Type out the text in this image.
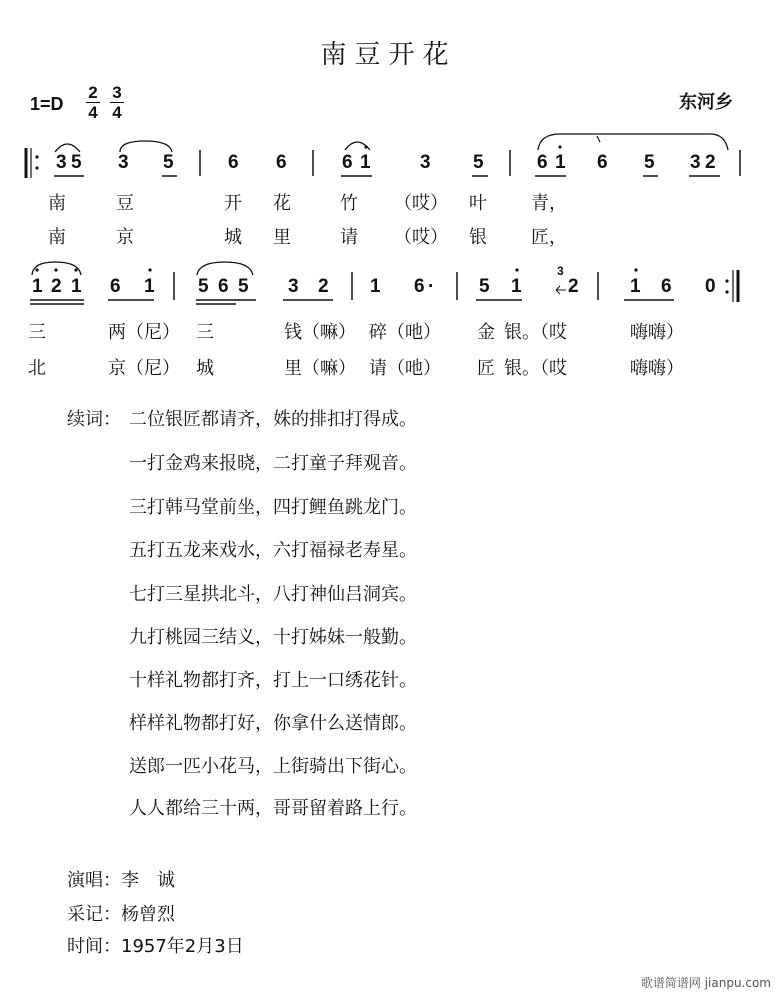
南豆开花
1=D
2
4
3
4	东河乡
3 5 3 5	6 6	6 1	3 5	6 1 6 5 3 2
南	豆	开 花	竹 （哎） 叶 青，
南	京	城 里	请 （哎） 银 匠，
1 2 1 6 1 5 6 5 3 2 1 6 · 5 1
3
2	1 6 0
三	两（尼） 三	钱（嘛） 碎（吔） 金 银。（哎	嗨嗨）
北	京（尼） 城	里（嘛） 请（吔） 匠 银。（哎	嗨嗨）
续词： 二位银匠都请齐，姝的排扣打得成。
一打金鸡来报晓，二打童子拜观音。
三打韩马堂前坐，四打鲤鱼跳龙门。
五打五龙来戏水，六打福禄老寿星。
七打三星拱北斗，八打神仙吕洞宾。
九打桃园三结义，十打姊妹一般勤。
十样礼物都打齐，打上一口绣花针。
样样礼物都打好，你拿什么送情郎。
送郎一匹小花马，上街骑出下街心。
人人都给三十两，哥哥留着路上行。
演唱：李　诚
采记：杨曾烈
时间：1957年2月3日
歌谱简谱网 jianpu.com
